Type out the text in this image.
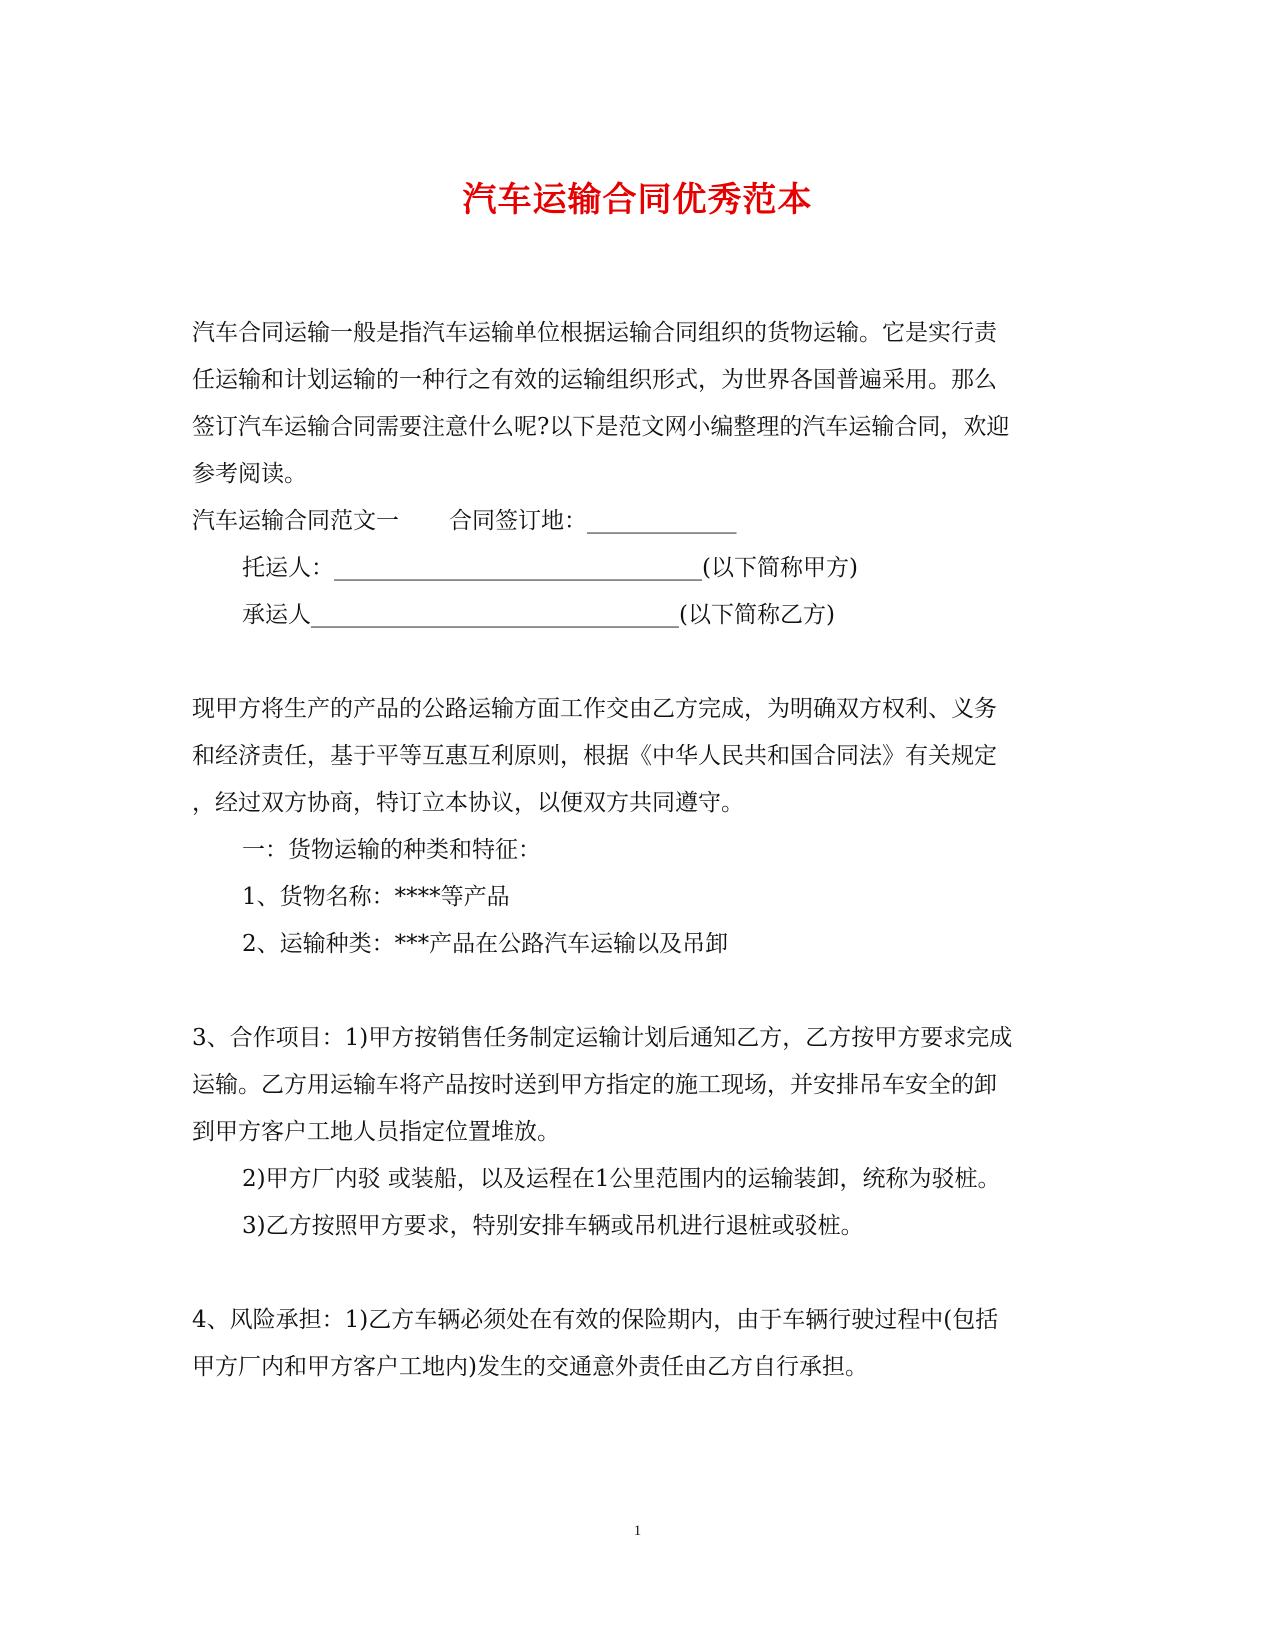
汽车运输合同优秀范本
汽车合同运输一般是指汽车运输单位根据运输合同组织的货物运输。它是实行责
任运输和计划运输的一种行之有效的运输组织形式，为世界各国普遍采用。那么
签订汽车运输合同需要注意什么呢?以下是范文网小编整理的汽车运输合同，欢迎
参考阅读。
汽车运输合同范文一 合同签订地：_____________
托运人：________________________________(以下简称甲方)
承运人________________________________(以下简称乙方)
现甲方将生产的产品的公路运输方面工作交由乙方完成，为明确双方权利、义务
和经济责任，基于平等互惠互利原则，根据《中华人民共和国合同法》有关规定
，经过双方协商，特订立本协议，以便双方共同遵守。
一：货物运输的种类和特征：
1、货物名称：****等产品
2、运输种类：***产品在公路汽车运输以及吊卸
3、合作项目：1)甲方按销售任务制定运输计划后通知乙方，乙方按甲方要求完成
运输。乙方用运输车将产品按时送到甲方指定的施工现场，并安排吊车安全的卸
到甲方客户工地人员指定位置堆放。
2)甲方厂内驳 或装船，以及运程在1公里范围内的运输装卸，统称为驳桩。
3)乙方按照甲方要求，特别安排车辆或吊机进行退桩或驳桩。
4、风险承担：1)乙方车辆必须处在有效的保险期内，由于车辆行驶过程中(包括
甲方厂内和甲方客户工地内)发生的交通意外责任由乙方自行承担。
1
